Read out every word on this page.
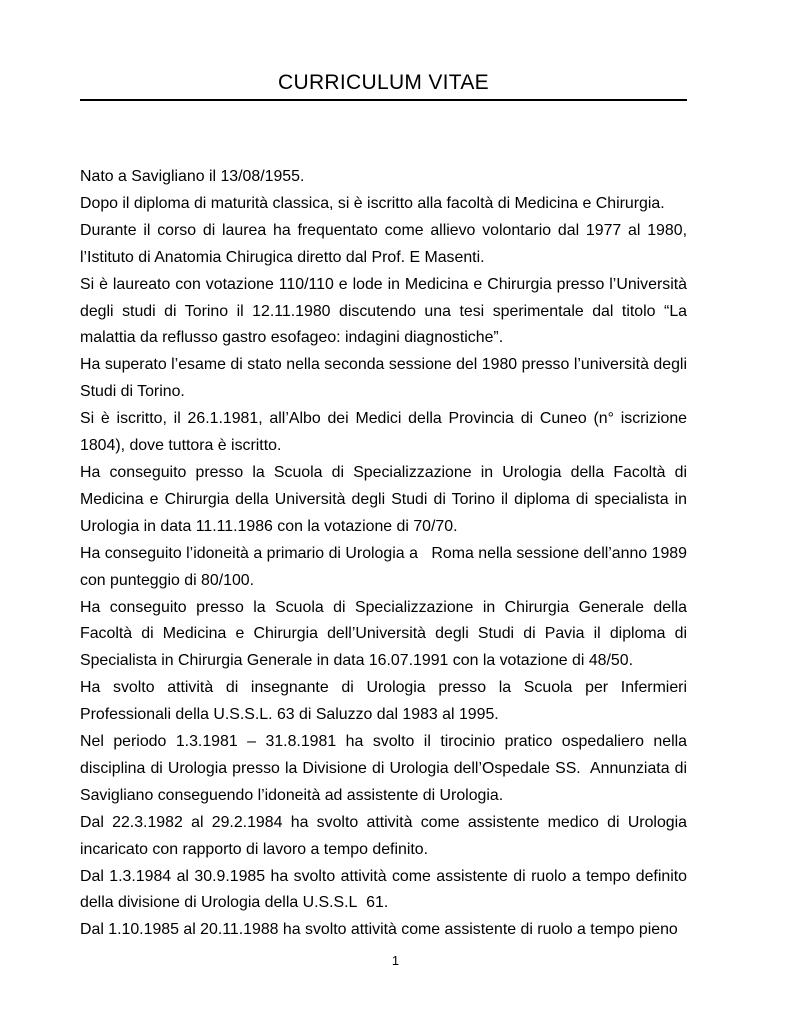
CURRICULUM VITAE

Nato a Savigliano il 13/08/1955.

Dopo il diploma di maturità classica, si è iscritto alla facoltà di Medicina e Chirurgia.

Durante il corso di laurea ha frequentato come allievo volontario dal 1977 al 1980, l’Istituto di Anatomia Chirugica diretto dal Prof. E Masenti.

Si è laureato con votazione 110/110 e lode in Medicina e Chirurgia presso l’Università degli studi di Torino il 12.11.1980 discutendo una tesi sperimentale dal titolo “La malattia da reflusso gastro esofageo: indagini diagnostiche”.

Ha superato l’esame di stato nella seconda sessione del 1980 presso l’università degli Studi di Torino.

Si è iscritto, il 26.1.1981, all’Albo dei Medici della Provincia di Cuneo (n° iscrizione 1804), dove tuttora è iscritto.

Ha conseguito presso la Scuola di Specializzazione in Urologia della Facoltà di Medicina e Chirurgia della Università degli Studi di Torino il diploma di specialista in Urologia in data 11.11.1986 con la votazione di 70/70.

Ha conseguito l’idoneità a primario di Urologia a   Roma nella sessione dell’anno 1989 con punteggio di 80/100.

Ha conseguito presso la Scuola di Specializzazione in Chirurgia Generale della Facoltà di Medicina e Chirurgia dell’Università degli Studi di Pavia il diploma di Specialista in Chirurgia Generale in data 16.07.1991 con la votazione di 48/50.

Ha svolto attività di insegnante di Urologia presso la Scuola per Infermieri Professionali della U.S.S.L. 63 di Saluzzo dal 1983 al 1995.

Nel periodo 1.3.1981 – 31.8.1981 ha svolto il tirocinio pratico ospedaliero nella disciplina di Urologia presso la Divisione di Urologia dell’Ospedale SS.  Annunziata di Savigliano conseguendo l’idoneità ad assistente di Urologia.

Dal 22.3.1982 al 29.2.1984 ha svolto attività come assistente medico di Urologia incaricato con rapporto di lavoro a tempo definito.

Dal 1.3.1984 al 30.9.1985 ha svolto attività come assistente di ruolo a tempo definito della divisione di Urologia della U.S.S.L  61.

Dal 1.10.1985 al 20.11.1988 ha svolto attività come assistente di ruolo a tempo pieno

1
